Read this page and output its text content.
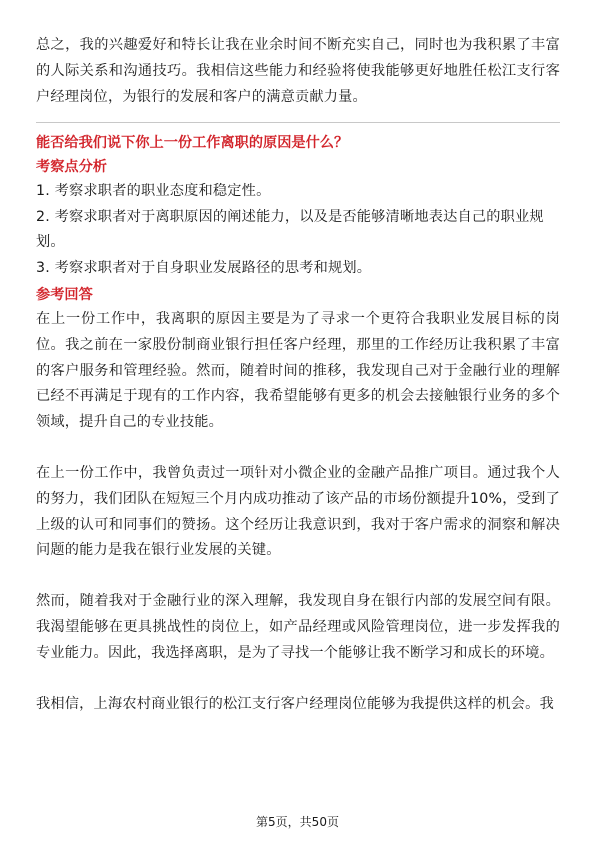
总之，我的兴趣爱好和特长让我在业余时间不断充实自己，同时也为我积累了丰富的人际关系和沟通技巧。我相信这些能力和经验将使我能够更好地胜任松江支行客户经理岗位，为银行的发展和客户的满意贡献力量。

能否给我们说下你上一份工作离职的原因是什么？

考察点分析

1. 考察求职者的职业态度和稳定性。

2. 考察求职者对于离职原因的阐述能力，以及是否能够清晰地表达自己的职业规划。

3. 考察求职者对于自身职业发展路径的思考和规划。

参考回答

在上一份工作中，我离职的原因主要是为了寻求一个更符合我职业发展目标的岗位。我之前在一家股份制商业银行担任客户经理，那里的工作经历让我积累了丰富的客户服务和管理经验。然而，随着时间的推移，我发现自己对于金融行业的理解已经不再满足于现有的工作内容，我希望能够有更多的机会去接触银行业务的多个领域，提升自己的专业技能。

在上一份工作中，我曾负责过一项针对小微企业的金融产品推广项目。通过我个人的努力，我们团队在短短三个月内成功推动了该产品的市场份额提升10%，受到了上级的认可和同事们的赞扬。这个经历让我意识到，我对于客户需求的洞察和解决问题的能力是我在银行业发展的关键。

然而，随着我对于金融行业的深入理解，我发现自身在银行内部的发展空间有限。我渴望能够在更具挑战性的岗位上，如产品经理或风险管理岗位，进一步发挥我的专业能力。因此，我选择离职，是为了寻找一个能够让我不断学习和成长的环境。

我相信，上海农村商业银行的松江支行客户经理岗位能够为我提供这样的机会。我

第5页，共50页
